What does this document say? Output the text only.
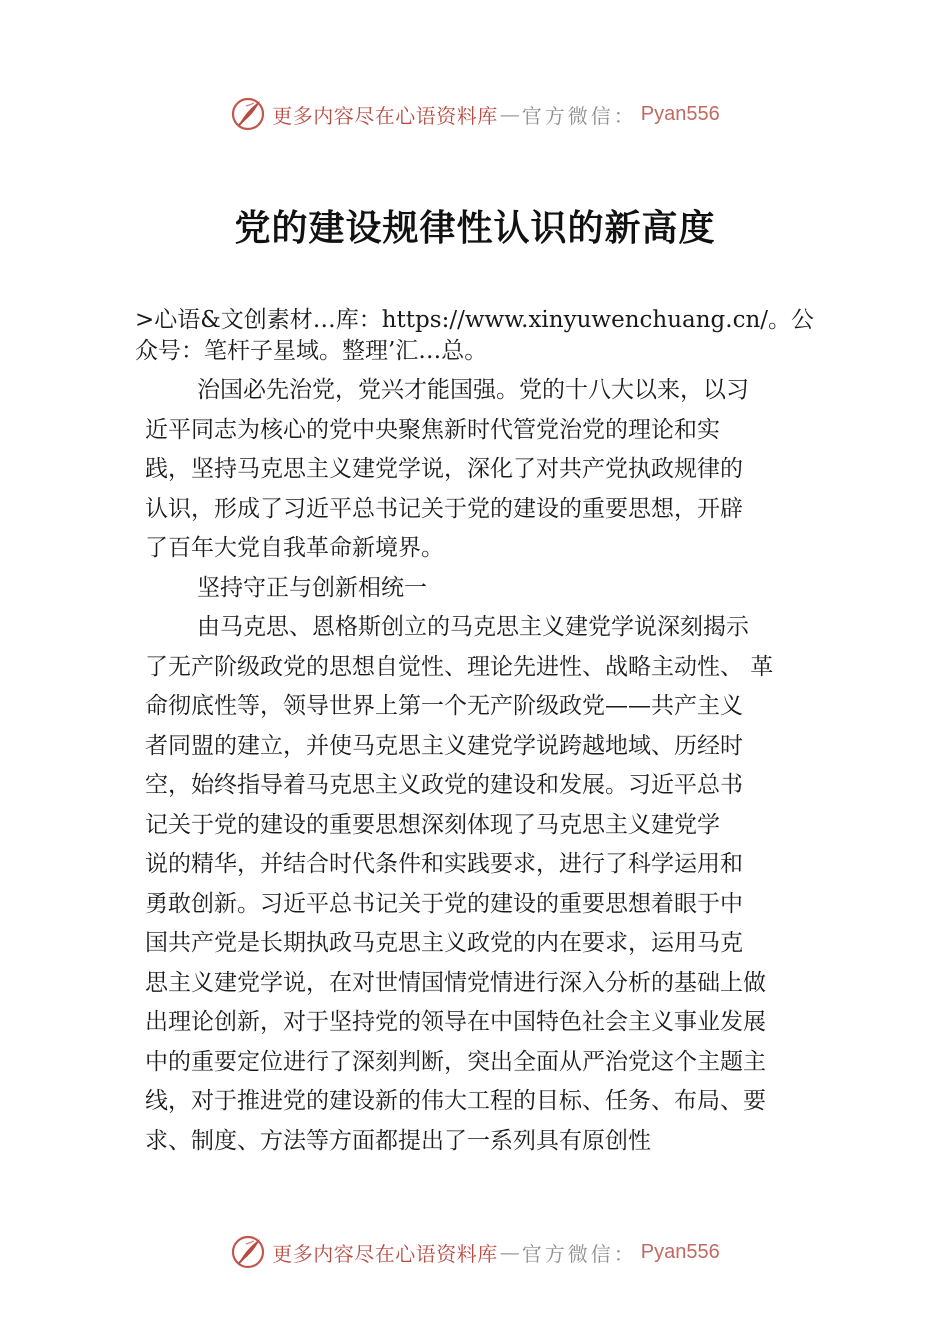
更多内容尽在心语资料库 — 官方微信： Pyan556
党的建设规律性认识的新高度
>心语&文创素材…库：https://www.xinyuwenchuang.cn/。公
众号：笔杆子星域。整理’汇…总。
治国必先治党，党兴才能国强。党的十八大以来，以习
近平同志为核心的党中央聚焦新时代管党治党的理论和实
践，坚持马克思主义建党学说，深化了对共产党执政规律的
认识，形成了习近平总书记关于党的建设的重要思想，开辟
了百年大党自我革命新境界。
坚持守正与创新相统一
由马克思、恩格斯创立的马克思主义建党学说深刻揭示
了无产阶级政党的思想自觉性、理论先进性、战略主动性、 革
命彻底性等，领导世界上第一个无产阶级政党——共产主义
者同盟的建立，并使马克思主义建党学说跨越地域、历经时
空，始终指导着马克思主义政党的建设和发展。习近平总书
记关于党的建设的重要思想深刻体现了马克思主义建党学
说的精华，并结合时代条件和实践要求，进行了科学运用和
勇敢创新。习近平总书记关于党的建设的重要思想着眼于中
国共产党是长期执政马克思主义政党的内在要求，运用马克
思主义建党学说，在对世情国情党情进行深入分析的基础上做
出理论创新，对于坚持党的领导在中国特色社会主义事业发展
中的重要定位进行了深刻判断，突出全面从严治党这个主题主
线，对于推进党的建设新的伟大工程的目标、任务、布局、要
求、制度、方法等方面都提出了一系列具有原创性
更多内容尽在心语资料库 — 官方微信： Pyan556
